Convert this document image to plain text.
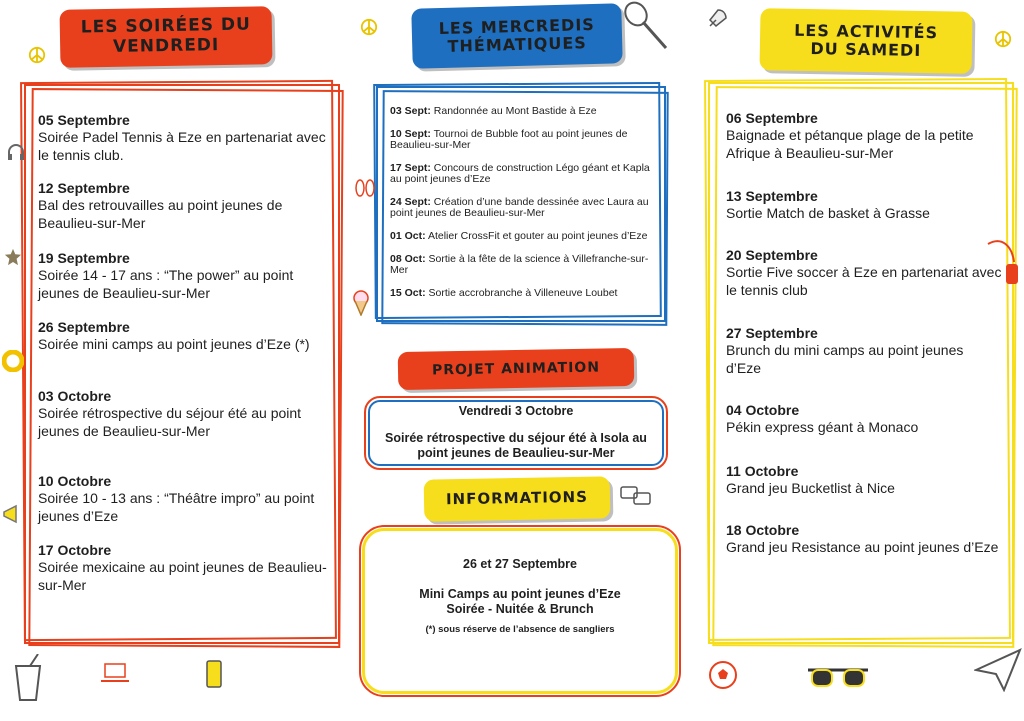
LES SOIRÉES DU
VENDREDI
05 Septembre
Soirée Padel Tennis à Eze en partenariat avec le tennis club.
12 Septembre
Bal des retrouvailles au point jeunes de Beaulieu-sur-Mer
19 Septembre
Soirée 14 - 17 ans : “The power” au point jeunes de Beaulieu-sur-Mer
26 Septembre
Soirée mini camps au point jeunes d’Eze (*)
03 Octobre
Soirée rétrospective du séjour été au point jeunes de Beaulieu-sur-Mer
10 Octobre
Soirée 10 - 13 ans : “Théâtre impro” au point jeunes d’Eze
17 Octobre
Soirée mexicaine au point jeunes de Beaulieu-sur-Mer
LES MERCREDIS
THÉMATIQUES
03 Sept: Randonnée au Mont Bastide à Eze
10 Sept: Tournoi de Bubble foot au point jeunes de Beaulieu-sur-Mer
17 Sept: Concours de construction Légo géant et Kapla au point jeunes d’Eze
24 Sept: Création d’une bande dessinée avec Laura au point jeunes de Beaulieu-sur-Mer
01 Oct: Atelier CrossFit et gouter au point jeunes d’Eze
08 Oct: Sortie à la fête de la science à Villefranche-sur-Mer
15 Oct: Sortie accrobranche à Villeneuve Loubet
PROJET ANIMATION
Vendredi 3 Octobre
Soirée rétrospective du séjour été à Isola au point jeunes de Beaulieu-sur-Mer
INFORMATIONS
26 et 27 Septembre
Mini Camps au point jeunes d’Eze
Soirée - Nuitée & Brunch
(*) sous réserve de l’absence de sangliers
LES ACTIVITÉS
DU SAMEDI
06 Septembre
Baignade et pétanque plage de la petite Afrique à Beaulieu-sur-Mer
13 Septembre
Sortie Match de basket à Grasse
20 Septembre
Sortie Five soccer à Eze en partenariat avec le tennis club
27 Septembre
Brunch du mini camps au point jeunes d’Eze
04 Octobre
Pékin express géant à Monaco
11 Octobre
Grand jeu Bucketlist à Nice
18 Octobre
Grand jeu Resistance au point jeunes d’Eze
